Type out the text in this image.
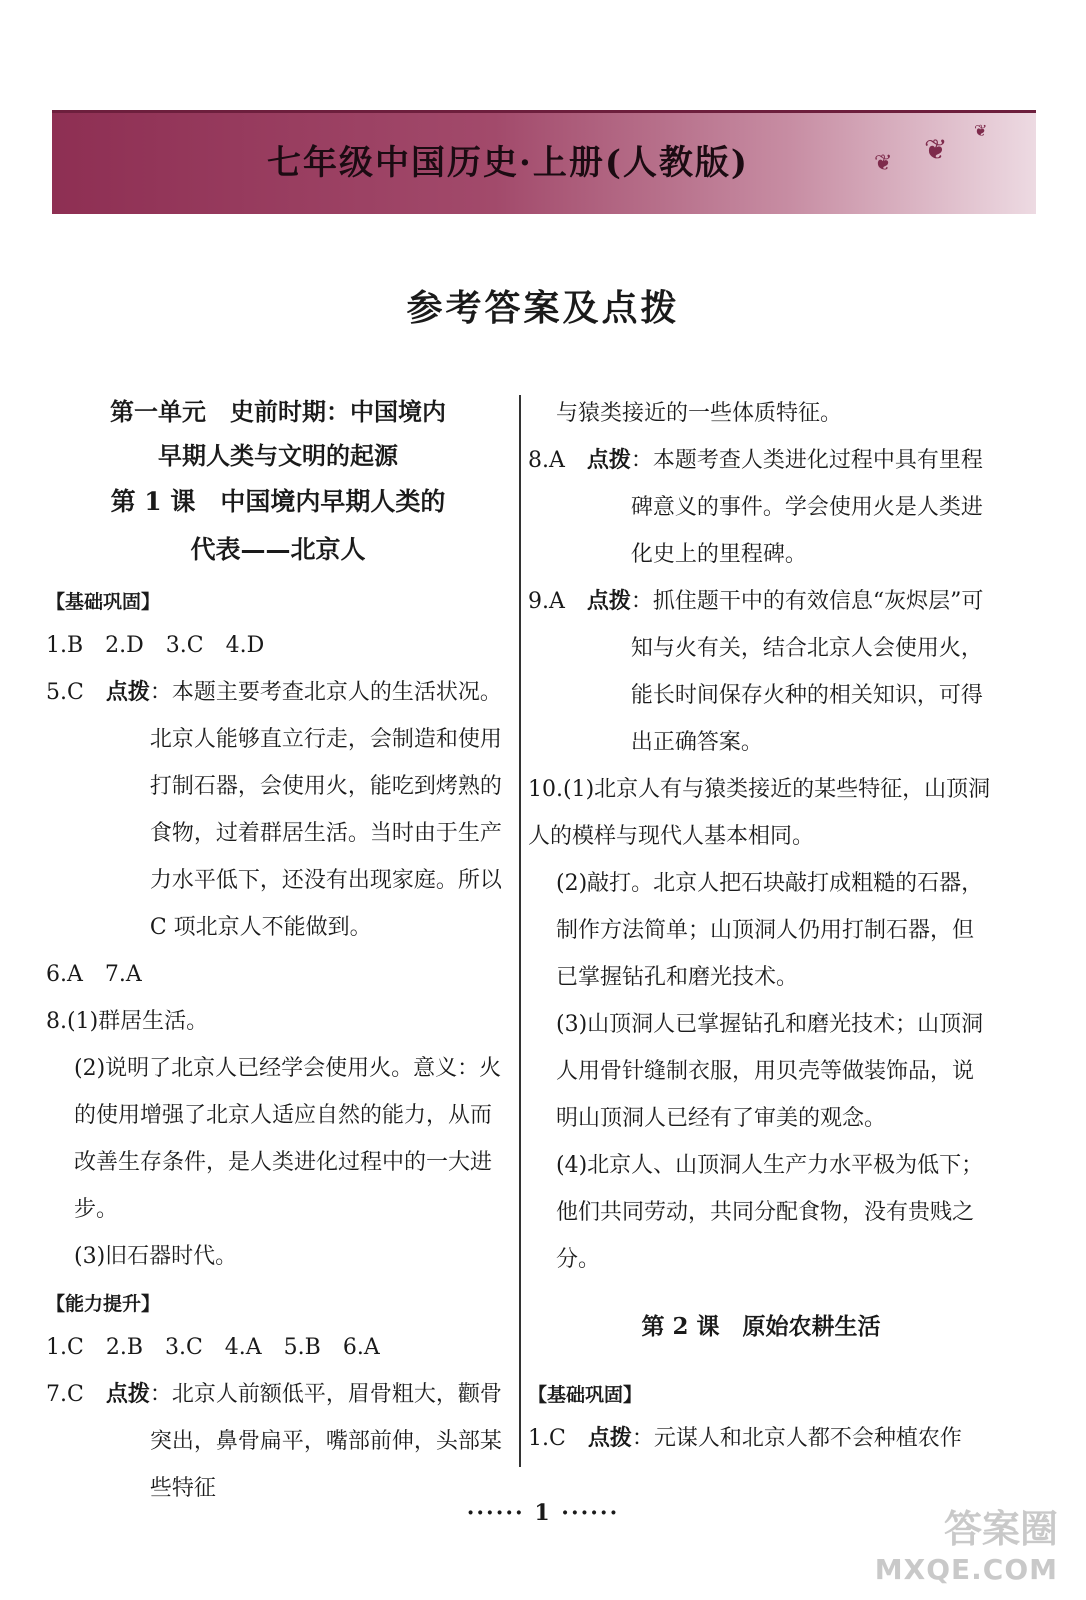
七年级中国历史·上册(人教版)	❦ ❦
❦
参考答案及点拨
第一单元　史前时期：中国境内
早期人类与文明的起源
第 1 课　中国境内早期人类的
代表——北京人
【基础巩固】
1.B　2.D　3.C　4.D
5.C　 点拨 ：本题主要考查北京人的生活状况。北京人能够直立行走，会制造和使用打制石器，会使用火，能吃到烤熟的食物，过着群居生活。当时由于生产力水平低下，还没有出现家庭。所以 C 项北京人不能做到。
6.A　7.A
8.(1)群居生活。
(2)说明了北京人已经学会使用火。意义：火的使用增强了北京人适应自然的能力，从而改善生存条件，是人类进化过程中的一大进步。
(3)旧石器时代。
【能力提升】
1.C　2.B　3.C　4.A　5.B　6.A
7.C　 点拨 ：北京人前额低平，眉骨粗大，颧骨突出，鼻骨扁平，嘴部前伸，头部某些特征
与猿类接近的一些体质特征。
8.A　 点拨 ：本题考查人类进化过程中具有里程碑意义的事件。学会使用火是人类进化史上的里程碑。
9.A　 点拨 ：抓住题干中的有效信息“灰烬层”可知与火有关，结合北京人会使用火，能长时间保存火种的相关知识，可得出正确答案。
10.(1)北京人有与猿类接近的某些特征，山顶洞人的模样与现代人基本相同。
(2)敲打。北京人把石块敲打成粗糙的石器，制作方法简单；山顶洞人仍用打制石器，但已掌握钻孔和磨光技术。
(3)山顶洞人已掌握钻孔和磨光技术；山顶洞人用骨针缝制衣服，用贝壳等做装饰品，说明山顶洞人已经有了审美的观念。
(4)北京人、山顶洞人生产力水平极为低下；他们共同劳动，共同分配食物，没有贵贱之分。
第 2 课　原始农耕生活
【基础巩固】
1.C　 点拨 ：元谋人和北京人都不会种植农作
······ 1 ······	答案圈
MXQE.COM
